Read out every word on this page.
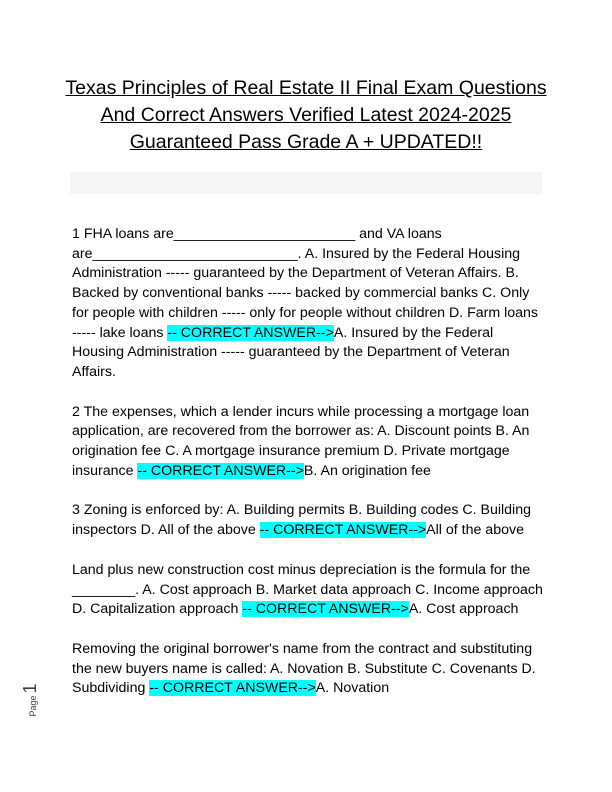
Texas Principles of Real Estate II Final Exam Questions And Correct Answers Verified Latest 2024-2025 Guaranteed Pass Grade A + UPDATED!!

1 FHA loans are_______________________ and VA loans are__________________________. A. Insured by the Federal Housing Administration ----- guaranteed by the Department of Veteran Affairs. B. Backed by conventional banks ----- backed by commercial banks C. Only for people with children ----- only for people without children D. Farm loans ----- lake loans -- CORRECT ANSWER-->A. Insured by the Federal Housing Administration ----- guaranteed by the Department of Veteran Affairs.

2 The expenses, which a lender incurs while processing a mortgage loan application, are recovered from the borrower as: A. Discount points B. An origination fee C. A mortgage insurance premium D. Private mortgage insurance -- CORRECT ANSWER-->B. An origination fee

3 Zoning is enforced by: A. Building permits B. Building codes C. Building inspectors D. All of the above -- CORRECT ANSWER-->All of the above

Land plus new construction cost minus depreciation is the formula for the ________. A. Cost approach B. Market data approach C. Income approach D. Capitalization approach -- CORRECT ANSWER-->A. Cost approach

Removing the original borrower's name from the contract and substituting the new buyers name is called: A. Novation B. Substitute C. Covenants D. Subdividing -- CORRECT ANSWER-->A. Novation

Page
1
